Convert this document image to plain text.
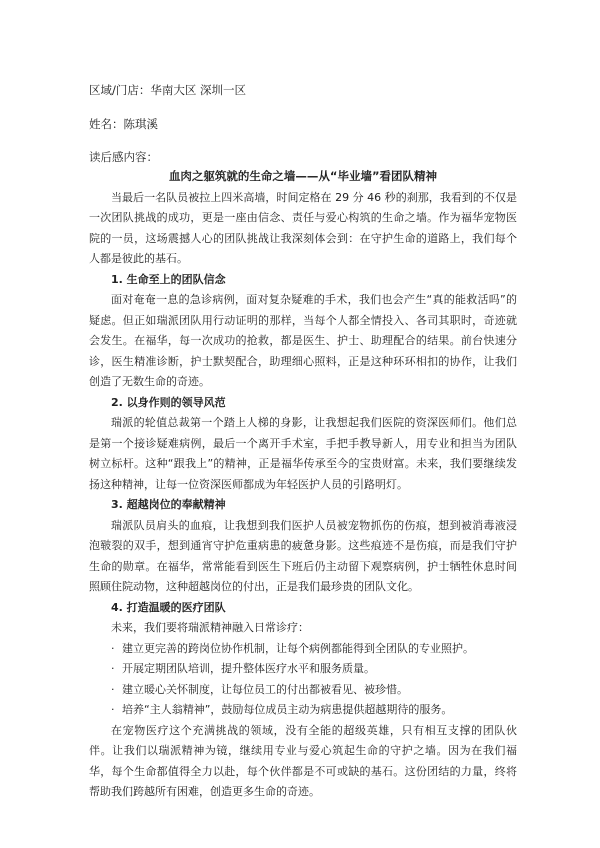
区域/门店：华南大区 深圳一区
姓名：陈琪溪
读后感内容：
血肉之躯筑就的生命之墙——从“毕业墙”看团队精神

当最后一名队员被拉上四米高墙，时间定格在 29 分 46 秒的刹那，我看到的不仅是一次团队挑战的成功，更是一座由信念、责任与爱心构筑的生命之墙。作为福华宠物医院的一员，这场震撼人心的团队挑战让我深刻体会到：在守护生命的道路上，我们每个人都是彼此的基石。

1. 生命至上的团队信念

面对奄奄一息的急诊病例，面对复杂疑难的手术，我们也会产生“真的能救活吗”的疑虑。但正如瑞派团队用行动证明的那样，当每个人都全情投入、各司其职时，奇迹就会发生。在福华，每一次成功的抢救，都是医生、护士、助理配合的结果。前台快速分诊，医生精准诊断，护士默契配合，助理细心照料，正是这种环环相扣的协作，让我们创造了无数生命的奇迹。

2. 以身作则的领导风范

瑞派的轮值总裁第一个踏上人梯的身影，让我想起我们医院的资深医师们。他们总是第一个接诊疑难病例，最后一个离开手术室，手把手教导新人，用专业和担当为团队树立标杆。这种“跟我上”的精神，正是福华传承至今的宝贵财富。未来，我们要继续发扬这种精神，让每一位资深医师都成为年轻医护人员的引路明灯。

3. 超越岗位的奉献精神

瑞派队员肩头的血痕，让我想到我们医护人员被宠物抓伤的伤痕，想到被消毒液浸泡皲裂的双手，想到通宵守护危重病患的疲惫身影。这些痕迹不是伤痕，而是我们守护生命的勋章。在福华，常常能看到医生下班后仍主动留下观察病例，护士牺牲休息时间照顾住院动物，这种超越岗位的付出，正是我们最珍贵的团队文化。

4. 打造温暖的医疗团队

未来，我们要将瑞派精神融入日常诊疗：

· 建立更完善的跨岗位协作机制，让每个病例都能得到全团队的专业照护。

· 开展定期团队培训，提升整体医疗水平和服务质量。

· 建立暖心关怀制度，让每位员工的付出都被看见、被珍惜。

· 培养“主人翁精神”，鼓励每位成员主动为病患提供超越期待的服务。

在宠物医疗这个充满挑战的领域，没有全能的超级英雄，只有相互支撑的团队伙伴。让我们以瑞派精神为镜，继续用专业与爱心筑起生命的守护之墙。因为在我们福华，每个生命都值得全力以赴，每个伙伴都是不可或缺的基石。这份团结的力量，终将帮助我们跨越所有困难，创造更多生命的奇迹。
